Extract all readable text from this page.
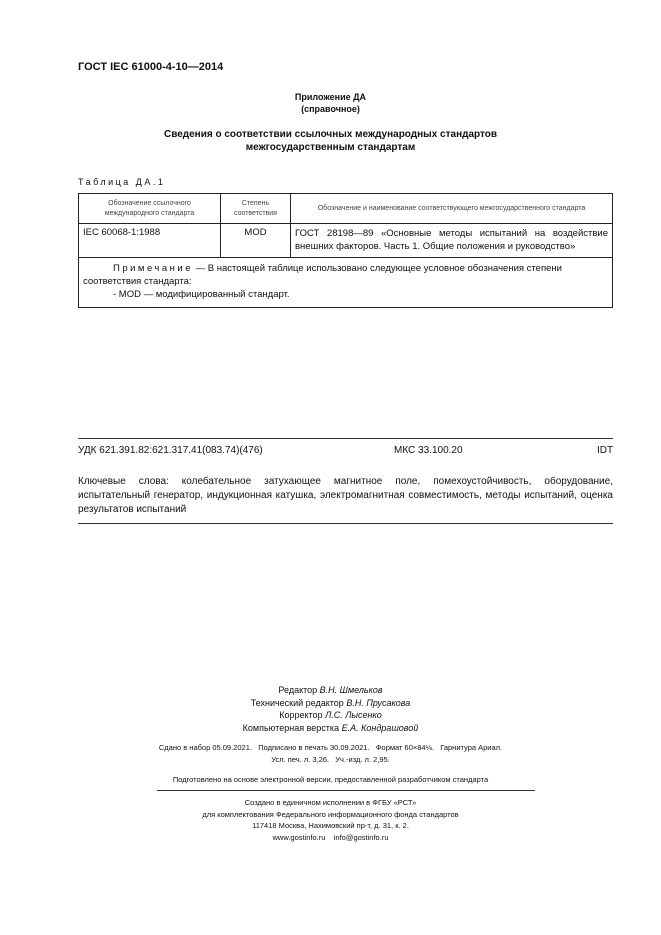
ГОСТ IEC 61000-4-10—2014
Приложение ДА
(справочное)
Сведения о соответствии ссылочных международных стандартов
межгосударственным стандартам
Таблица ДА.1
Обозначение ссылочного международного стандарта	Степень соответствия	Обозначение и наименование соответствующего межгосударственного стандарта
IEC 60068-1:1988	MOD	ГОСТ 28198—89 «Основные методы испытаний на воздействие внешних факторов. Часть 1. Общие положения и руководство»

Примечание — В настоящей таблице использовано следующее условное обозначения степени соответствия стандарта:
- MOD — модифицированный стандарт.		
УДК 621.391.82:621.317.41(083.74)(476)	МКС 33.100.20	IDT
Ключевые слова: колебательное затухающее магнитное поле, помехоустойчивость, оборудование, испытательный генератор, индукционная катушка, электромагнитная совместимость, методы испытаний, оценка результатов испытаний
Редактор В.Н. Шмельков
Технический редактор В.Н. Прусакова
Корректор Л.С. Лысенко
Компьютерная верстка Е.А. Кондрашовой
Сдано в набор 05.09.2021.   Подписано в печать 30.09.2021.   Формат 60×84⅛.   Гарнитура Ариал.
Усл. печ. л. 3,26.   Уч.-изд. л. 2,95.
Подготовлено на основе электронной версии, предоставленной разработчиком стандарта
Создано в единичном исполнении в ФГБУ «РСТ»
для комплектования Федерального информационного фонда стандартов
117418 Москва, Нахимовский пр-т, д. 31, к. 2.
www.gostinfo.ru    info@gostinfo.ru
